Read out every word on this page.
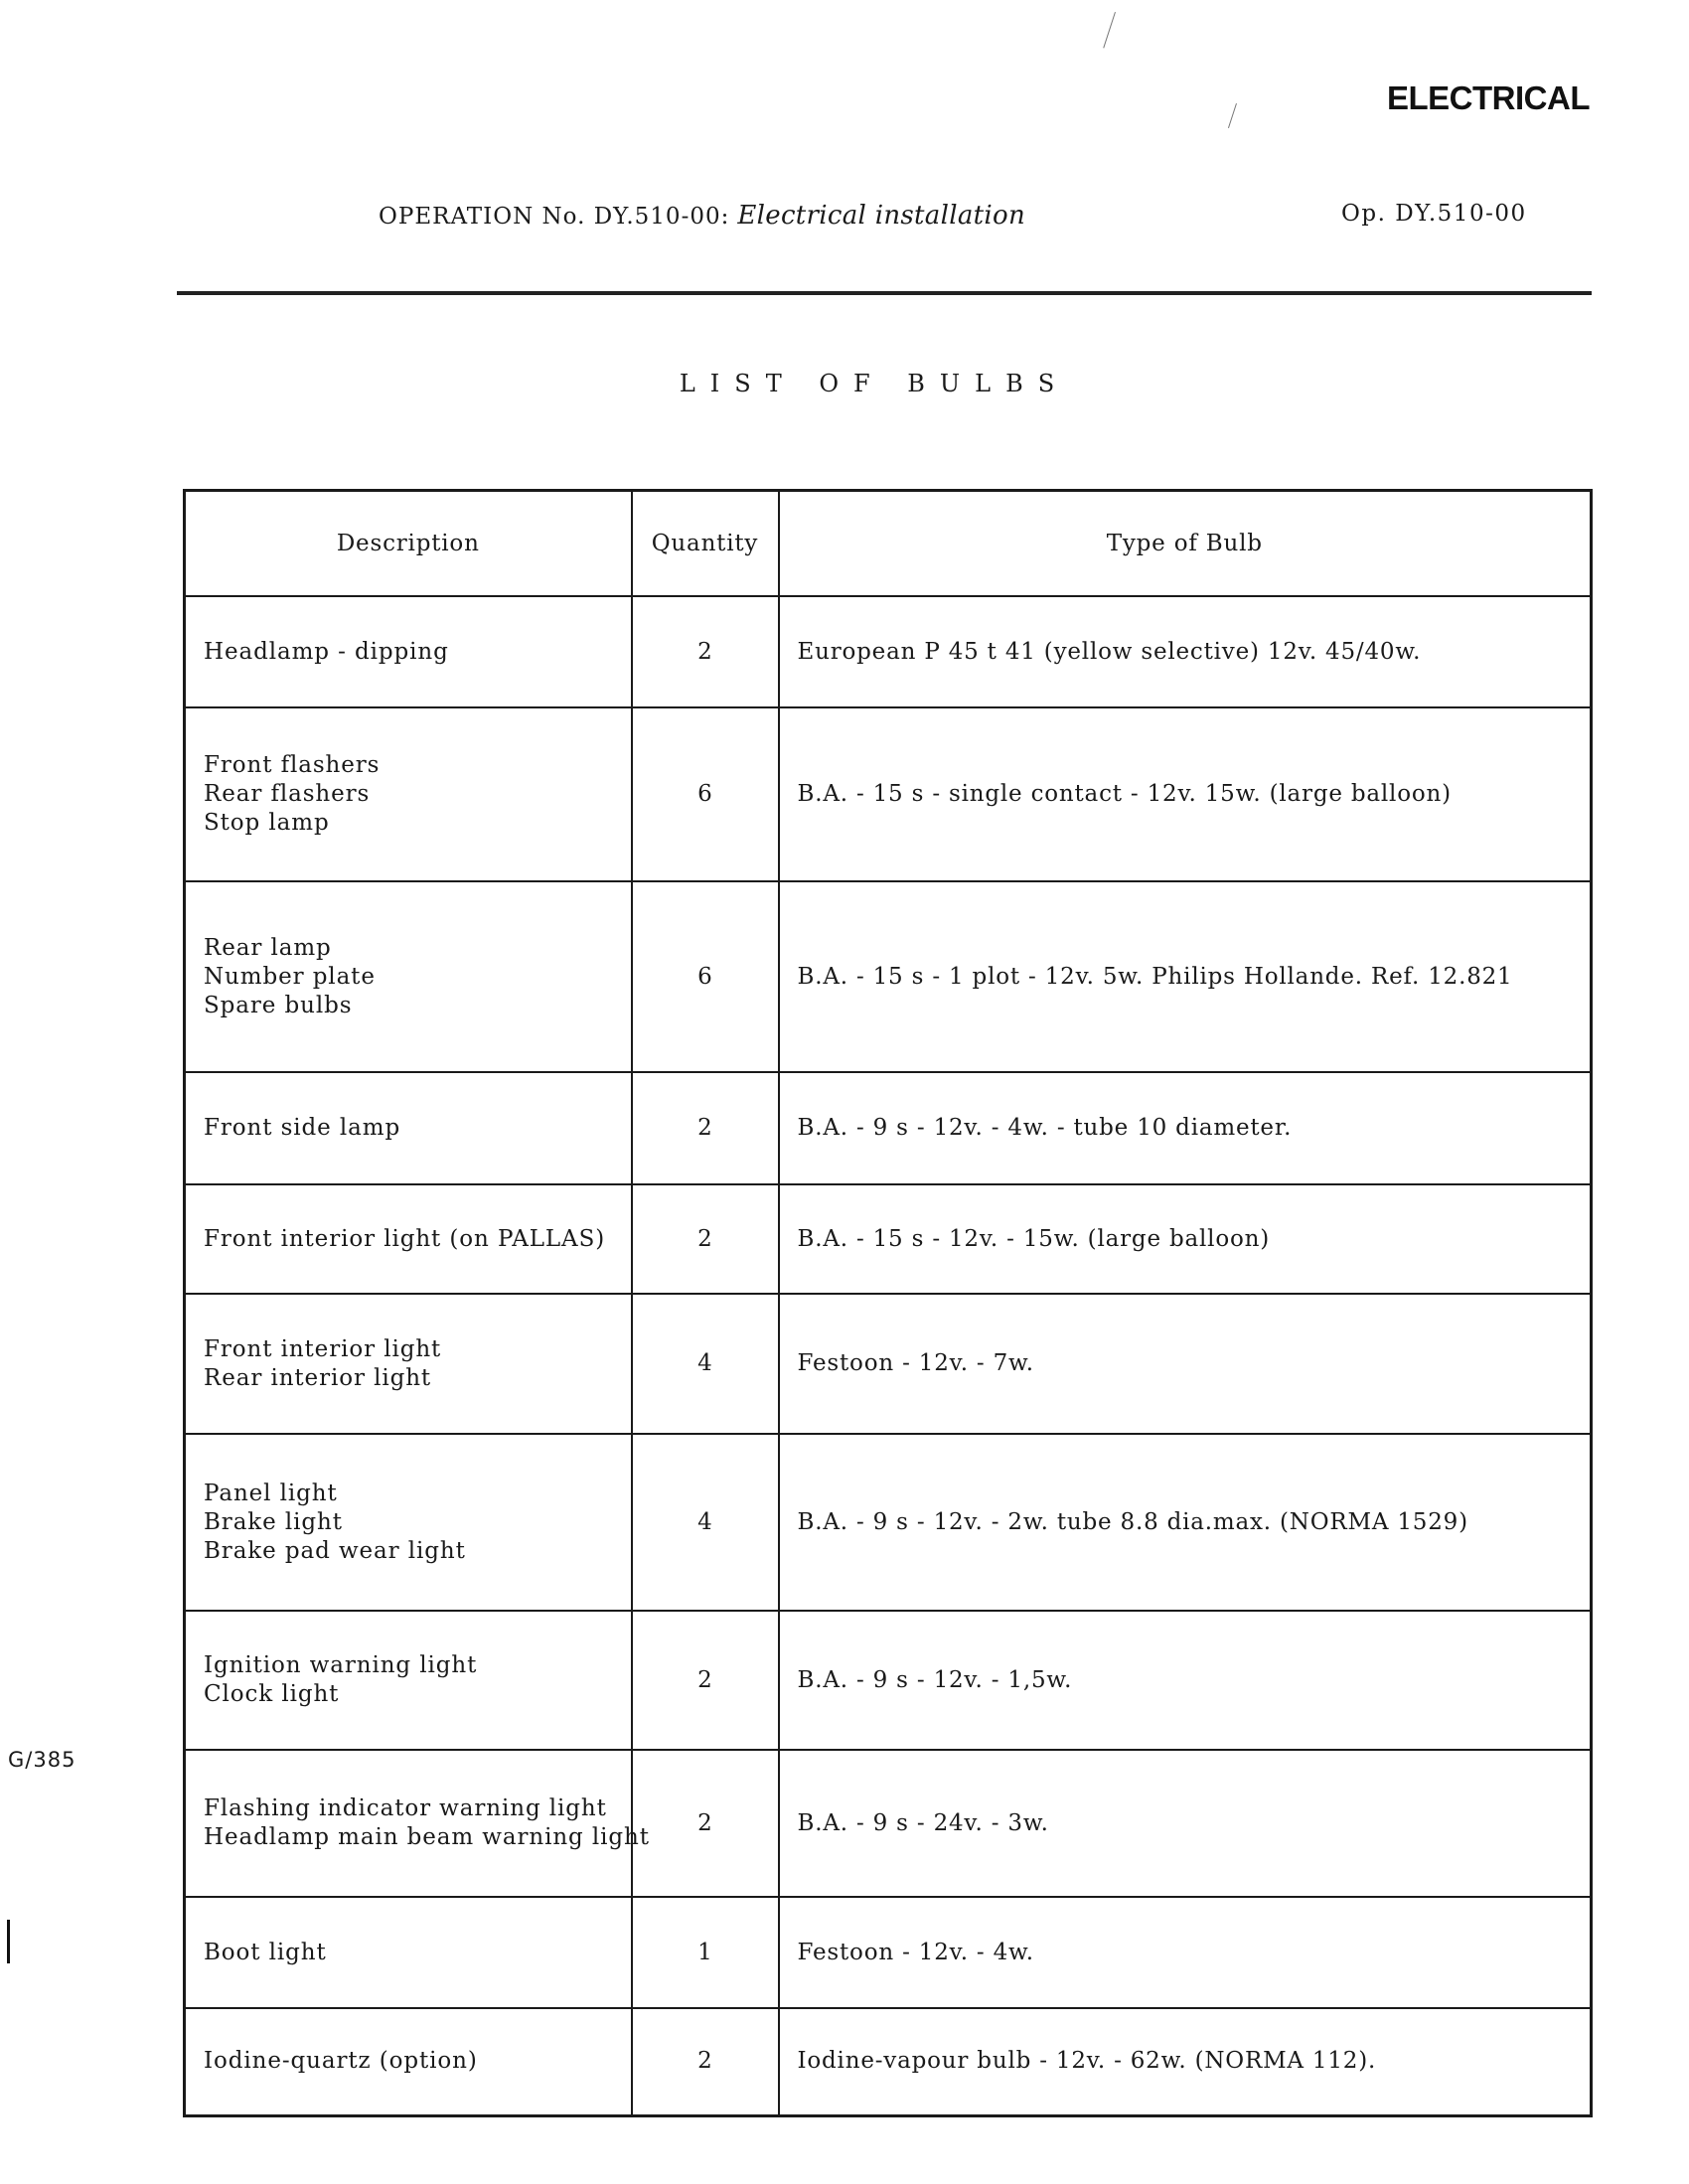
ELECTRICAL
OPERATION No. DY.510-00: Electrical installation	Op. DY.510-00
LIST OF BULBS
Description	Quantity	Type of Bulb

Headlamp - dipping	2	European P 45 t 41 (yellow selective) 12v. 45/40w.

Front flashers
Rear flashers
Stop lamp	6	B.A. - 15 s - single contact - 12v. 15w. (large balloon)

Rear lamp
Number plate
Spare bulbs	6	B.A. - 15 s - 1 plot - 12v. 5w. Philips Hollande. Ref. 12.821

Front side lamp	2	B.A. - 9 s - 12v. - 4w. - tube 10 diameter.

Front interior light (on PALLAS)	2	B.A. - 15 s - 12v. - 15w. (large balloon)

Front interior light
Rear interior light	4	Festoon - 12v. - 7w.

Panel light
Brake light
Brake pad wear light	4	B.A. - 9 s - 12v. - 2w. tube 8.8 dia.max. (NORMA 1529)

Ignition warning light
Clock light	2	B.A. - 9 s - 12v. - 1,5w.

Flashing indicator warning light
Headlamp main beam warning light	2	B.A. - 9 s - 24v. - 3w.

Boot light	1	Festoon - 12v. - 4w.

Iodine-quartz (option)	2	Iodine-vapour bulb - 12v. - 62w. (NORMA 112).
G/385
